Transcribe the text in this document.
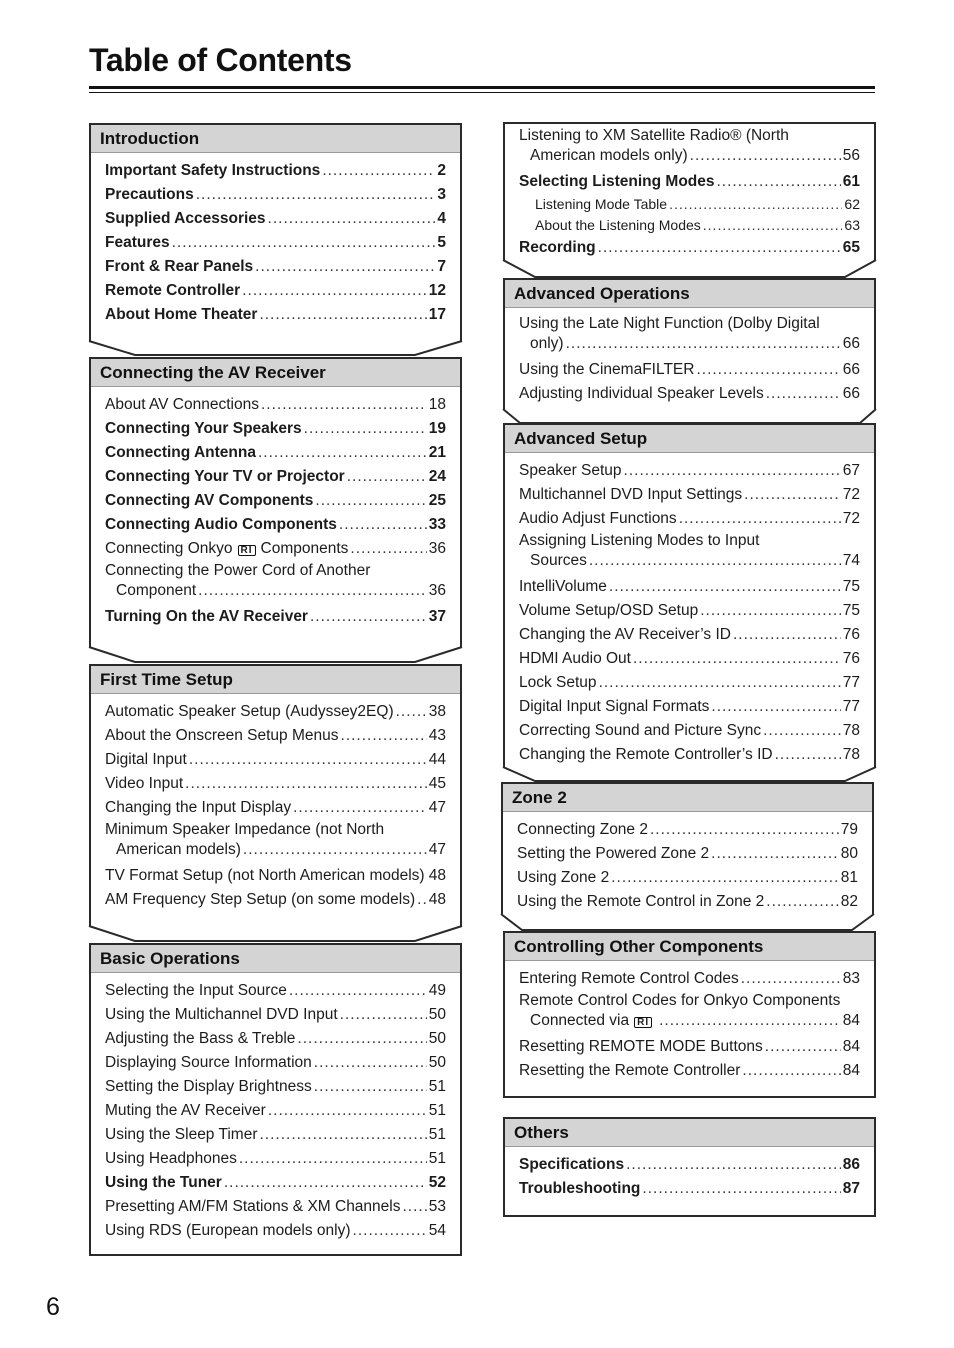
Table of Contents
Introduction
Important Safety Instructions .....	2
Precautions .....	3
Supplied Accessories .....	4
Features .....	5
Front & Rear Panels .....	7
Remote Controller .....	12
About Home Theater .....	17
Connecting the AV Receiver
About AV Connections .....	18
Connecting Your Speakers .....	19
Connecting Antenna .....	21
Connecting Your TV or Projector .....	24
Connecting AV Components .....	25
Connecting Audio Components .....	33
Connecting Onkyo RI Components .....	36
Connecting the Power Cord of Another
Component .....	36
Turning On the AV Receiver .....	37
First Time Setup
Automatic Speaker Setup (Audyssey2EQ) ..... 38
About the Onscreen Setup Menus .....	43
Digital Input .....	44
Video Input .....	45
Changing the Input Display .....	47
Minimum Speaker Impedance (not North
American models) .....	47
TV Format Setup (not North American models) ..... 48
AM Frequency Step Setup (on some models) ..... 48
Basic Operations
Selecting the Input Source .....	49
Using the Multichannel DVD Input .....	50
Adjusting the Bass & Treble .....	50
Displaying Source Information .....	50
Setting the Display Brightness .....	51
Muting the AV Receiver .....	51
Using the Sleep Timer .....	51
Using Headphones .....	51
Using the Tuner .....	52
Presetting AM/FM Stations & XM Channels ..... 53
Using RDS (European models only) .....	54
Listening to XM Satellite Radio® (North
American models only) .....	56
Selecting Listening Modes .....	61
Listening Mode Table .....	62
About the Listening Modes .....	63
Recording .....	65
Advanced Operations
Using the Late Night Function (Dolby Digital
only) .....	66
Using the CinemaFILTER .....	66
Adjusting Individual Speaker Levels .....	66
Advanced Setup
Speaker Setup .....	67
Multichannel DVD Input Settings .....	72
Audio Adjust Functions .....	72
Assigning Listening Modes to Input
Sources .....	74
IntelliVolume .....	75
Volume Setup/OSD Setup .....	75
Changing the AV Receiver’s ID .....	76
HDMI Audio Out .....	76
Lock Setup .....	77
Digital Input Signal Formats .....	77
Correcting Sound and Picture Sync .....	78
Changing the Remote Controller’s ID .....	78
Zone 2
Connecting Zone 2 .....	79
Setting the Powered Zone 2 .....	80
Using Zone 2 .....	81
Using the Remote Control in Zone 2 .....	82
Controlling Other Components
Entering Remote Control Codes .....	83
Remote Control Codes for Onkyo Components
Connected via RI .....	84
Resetting REMOTE MODE Buttons .....	84
Resetting the Remote Controller .....	84
Others
Specifications .....	86
Troubleshooting .....	87
6
